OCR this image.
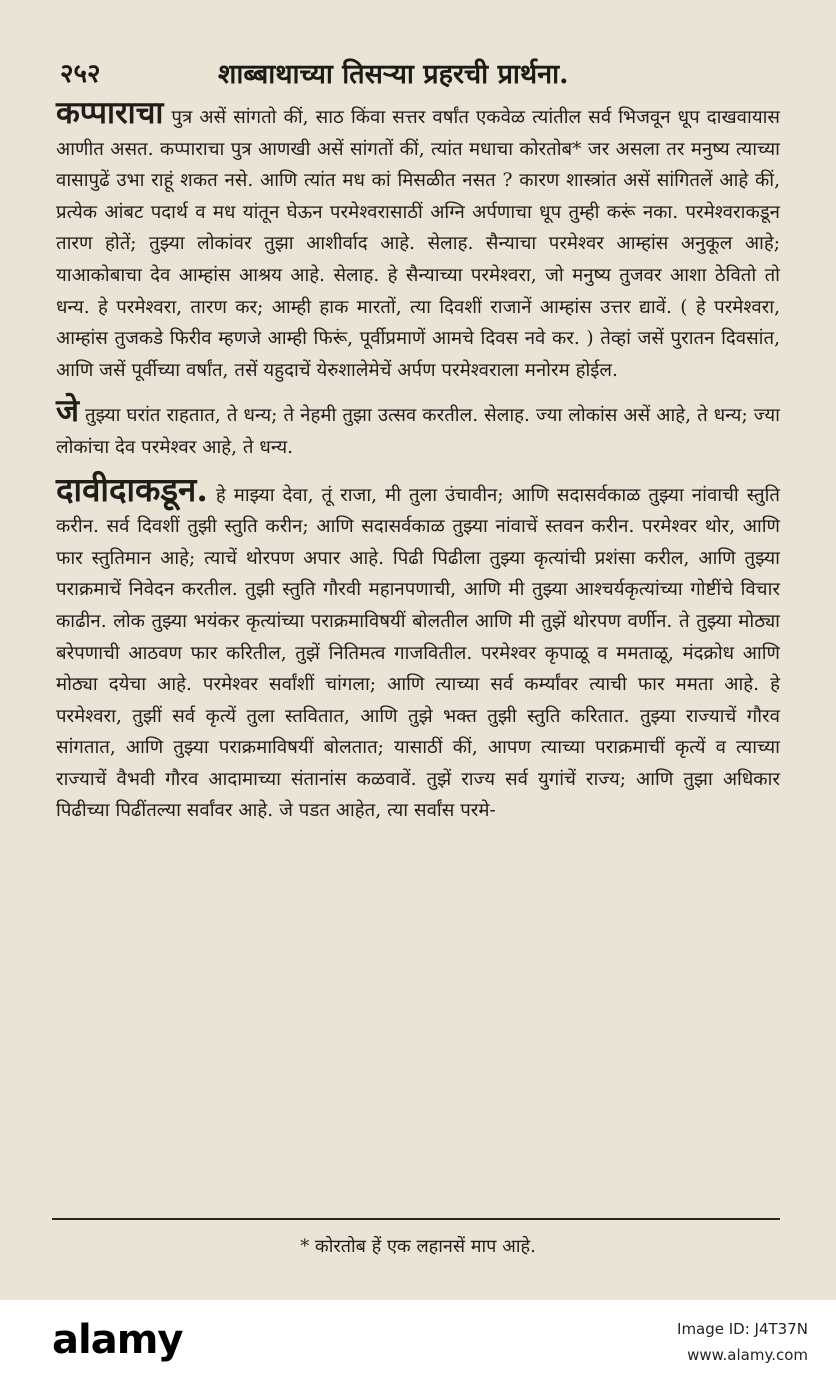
२५२	शाब्बाथाच्या तिसऱ्या प्रहरची प्रार्थना.

कप्पाराचा पुत्र असें सांगतो कीं, साठ किंवा सत्तर वर्षांत एकवेळ त्यांतील सर्व भिजवून धूप दाखवायास आणीत असत. कप्पाराचा पुत्र आणखी असें सांगतों कीं, त्यांत मधाचा कोरतोब* जर असला तर मनुष्य त्याच्या वासापुढें उभा राहूं शकत नसे. आणि त्यांत मध कां मिसळीत नसत ? कारण शास्त्रांत असें सांगितलें आहे कीं, प्रत्येक आंबट पदार्थ व मध यांतून घेऊन परमेश्वरासाठीं अग्नि अर्पणाचा धूप तुम्ही करूं नका. परमेश्वराकडून तारण होतें; तुझ्या लोकांवर तुझा आशीर्वाद आहे. सेलाह. सैन्याचा परमेश्वर आम्हांस अनुकूल आहे; याआकोबाचा देव आम्हांस आश्रय आहे. सेलाह. हे सैन्याच्या परमेश्वरा, जो मनुष्य तुजवर आशा ठेवितो तो धन्य. हे परमेश्वरा, तारण कर; आम्ही हाक मारतों, त्या दिवशीं राजानें आम्हांस उत्तर द्यावें. ( हे परमेश्वरा, आम्हांस तुजकडे फिरीव म्हणजे आम्ही फिरूं, पूर्वीप्रमाणें आमचे दिवस नवे कर. ) तेव्हां जसें पुरातन दिवसांत, आणि जसें पूर्वीच्या वर्षांत, तसें यहुदाचें येरुशालेमेचें अर्पण परमेश्वराला मनोरम होईल.

जेतुझ्या घरांत राहतात, ते धन्य; ते नेहमी तुझा उत्सव करतील. सेलाह. ज्या लोकांस असें आहे, ते धन्य; ज्या लोकांचा देव परमेश्वर आहे, ते धन्य.

दावीदाकडून. हे माझ्या देवा, तूं राजा, मी तुला उंचावीन; आणि सदासर्वकाळ तुझ्या नांवाची स्तुति करीन. सर्व दिवशीं तुझी स्तुति करीन; आणि सदासर्वकाळ तुझ्या नांवाचें स्तवन करीन. परमेश्वर थोर, आणि फार स्तुतिमान आहे; त्याचें थोरपण अपार आहे. पिढी पिढीला तुझ्या कृत्यांची प्रशंसा करील, आणि तुझ्या पराक्रमाचें निवेदन करतील. तुझी स्तुति गौरवी महानपणाची, आणि मी तुझ्या आश्चर्यकृत्यांच्या गोष्टींचे विचार काढीन. लोक तुझ्या भयंकर कृत्यांच्या पराक्रमाविषयीं बोलतील आणि मी तुझें थोरपण वर्णीन. ते तुझ्या मोठ्या बरेपणाची आठवण फार करितील, तुझें नितिमत्व गाजवितील. परमेश्वर कृपाळू व ममताळू, मंदक्रोध आणि मोठ्या दयेचा आहे. परमेश्वर सर्वांशीं चांगला; आणि त्याच्या सर्व कर्म्यांवर त्याची फार ममता आहे. हे परमेश्वरा, तुझीं सर्व कृत्यें तुला स्तवितात, आणि तुझे भक्त तुझी स्तुति करितात. तुझ्या राज्याचें गौरव सांगतात, आणि तुझ्या पराक्रमाविषयीं बोलतात; यासाठीं कीं, आपण त्याच्या पराक्रमाचीं कृत्यें व त्याच्या राज्याचें वैभवी गौरव आदामाच्या संतानांस कळवावें. तुझें राज्य सर्व युगांचें राज्य; आणि तुझा अधिकार पिढीच्या पिढींतल्या सर्वांवर आहे. जे पडत आहेत, त्या सर्वांस परमे-

* कोरतोब हें एक लहानसें माप आहे.
alamy	Image ID: J4T37N
www.alamy.com
